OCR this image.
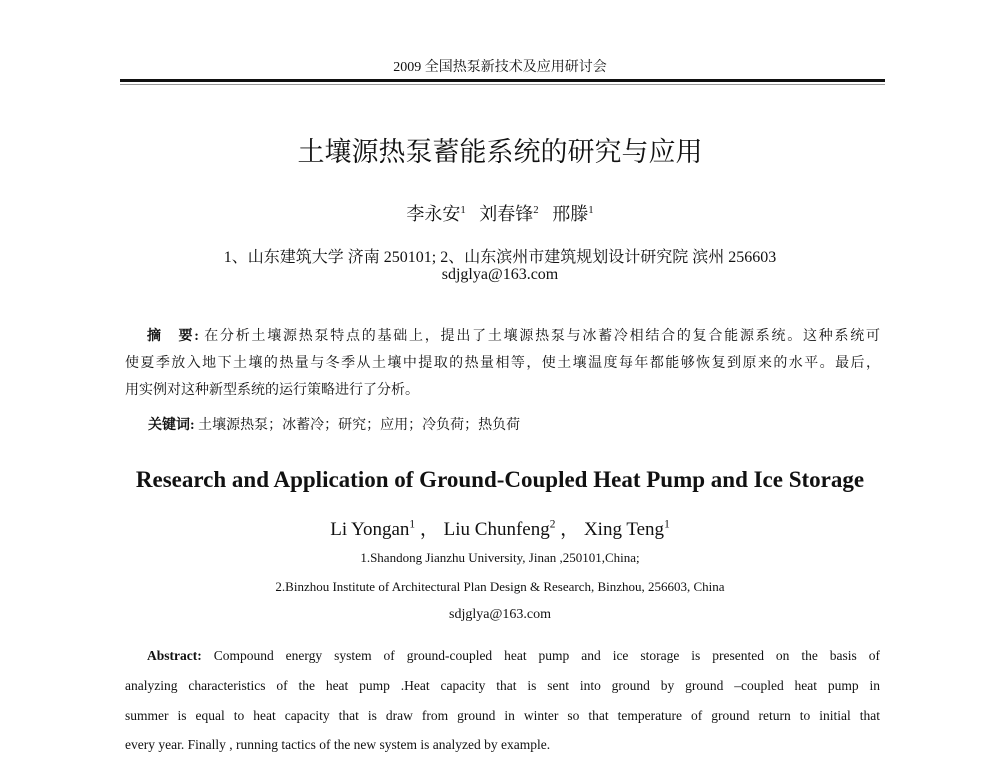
2009 全国热泵新技术及应用研讨会
土壤源热泵蓄能系统的研究与应用
李永安$^1$ 刘春锋$^2$ 邢滕$^1$
1、山东建筑大学 济南 250101; 2、山东滨州市建筑规划设计研究院 滨州 256603
sdjglya@163.com
摘　要: 在分析土壤源热泵特点的基础上，提出了土壤源热泵与冰蓄冷相结合的复合能源系统。这种系统可
使夏季放入地下土壤的热量与冬季从土壤中提取的热量相等，使土壤温度每年都能够恢复到原来的水平。最后，
用实例对这种新型系统的运行策略进行了分析。
关键词: 土壤源热泵；冰蓄冷；研究；应用；冷负荷；热负荷
Research and Application of Ground-Coupled Heat Pump and Ice Storage
Li Yongan$^1$ ， Liu Chunfeng$^2$ ， Xing Teng$^1$
1.Shandong Jianzhu University, Jinan ,250101,China;
2.Binzhou Institute of Architectural Plan Design & Research, Binzhou, 256603, China
sdjglya@163.com
Abstract: Compound energy system of ground-coupled heat pump and ice storage is presented on the basis of
analyzing characteristics of the heat pump .Heat capacity that is sent into ground by ground –coupled heat pump in
summer is equal to heat capacity that is draw from ground in winter so that temperature of ground return to initial that
every year. Finally , running tactics of the new system is analyzed by example.
